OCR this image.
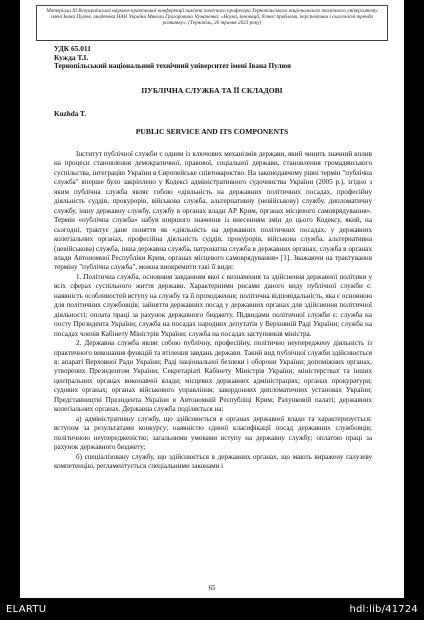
Матеріали XI Всеукраїнської науково-практичної конференції пам'яті почесного професора Тернопільського національного технічного університету імені Івана Пулюя, академіка НАН України Миколи Григоровича Чумаченка: «Наука, інновації, бізнес:проблеми, перспективи і сьогочасні тренди розвитку». (Тернопіль, 26 травня 2023 року)
УДК 65.011
Кужда Т.І.
Тернопільський національний технічний університет імені Івана Пулюя
ПУБЛІЧНА СЛУЖБА ТА ЇЇ СКЛАДОВІ
Kuzhda T.
PUBLIC SERVICE AND ITS COMPONENTS

Інститут публічної служби є одним із ключових механізмів держави, який чинить значний вплив на процеси становлення демократичної, правової, соціальної держави, становлення громадянського суспільства, інтеграцію України в Європейське співтовариство. На законодавчому рівні термін "публічна служба" вперше було закріплено у Кодексі адміністративного судочинства України (2005 р.), згідно з яким публічна служба являє собою «діяльність на державних політичних посадах, професійну діяльність суддів, прокурорів, військова служба, альтернативну (невійськову) службу, дипломатичну службу, іншу державну службу, службу в органах влади АР Крим, органах місцевого самоврядування». Термін «публічна служба» набув ширшого значення із внесенням змін до цього Кодексу, який, на сьогодні, трактує дане поняття як «діяльність на державних політичних посадах, у державних колегіальних органах, професійна діяльність суддів, прокурорів, військова служба, альтернативна (невійськова) служба, інша державна служба, патронатна служба в державних органах, служба в органах влади Автономної Республіки Крим, органах місцевого самоврядування» [1]. Зважаючи на трактування терміну "публічна служба", можна виокремити такі її види:

1. Політична служба, основним завданням якої є визначення та здійснення державної політики у всіх сферах суспільного життя держави. Характерними рисами даного виду публічної служби є: наявність особливостей вступу на службу та її проходження; політична відповідальність, яка є основною для політичних службовців; зайняття державних посад у державних органах для здійснення політичної діяльності; оплата праці за рахунок державного бюджету. Підвидами політичної служби є: служба на посту Президента України; служба на посадах народних депутатів у Верховній Раді України; служба на посадах членів Кабінету Міністрів України; служба на посадах заступників міністра.

2. Державна служба являє собою публічну, професійну, політично неупереджену діяльність із практичного виконання функцій та втілення завдань держави. Такий вид публічної служби здійснюється в: апараті Верховної Ради України; Раді національної безпеки і оборони України; допоміжних органах, утворених Президентом України; Секретаріаті Кабінету Міністрів України; міністерствах та інших центральних органах виконавчої влади; місцевих державних адміністраціях; органах прокуратури; судових органах; органах військового управління; закордонних дипломатичних установах України; Представництві Президента України в Автономній Республіці Крим; Рахунковій палаті; державних колегіальних органах. Державна служба поділяється на:

а) адміністративну службу, що здійснюється в органах державної влади та характеризується: вступом за результатами конкурсу; наявністю єдиної класифікації посад державних службовців; політичною неупередженістю; загальними умовами вступу на державну службу; оплатою праці за рахунок державного бюджету;

б) спеціалізовану службу, що здійснюється в державних органах, що мають виражену галузеву компетенцію, регламентується спеціальними законами і

65
ELARTU	hdl:lib/41724
